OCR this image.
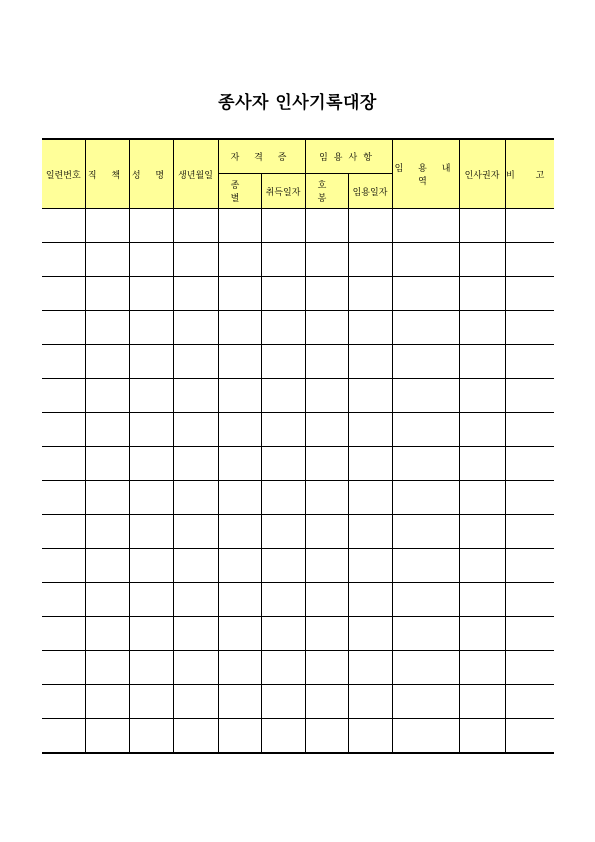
종사자 인사기록대장
일련번호	직 책	성 명	생년월일	자 격 증		임용사항		임 용 내 역	인사권자	비 고
				종 별	취득일자	호 봉	임용일자			
